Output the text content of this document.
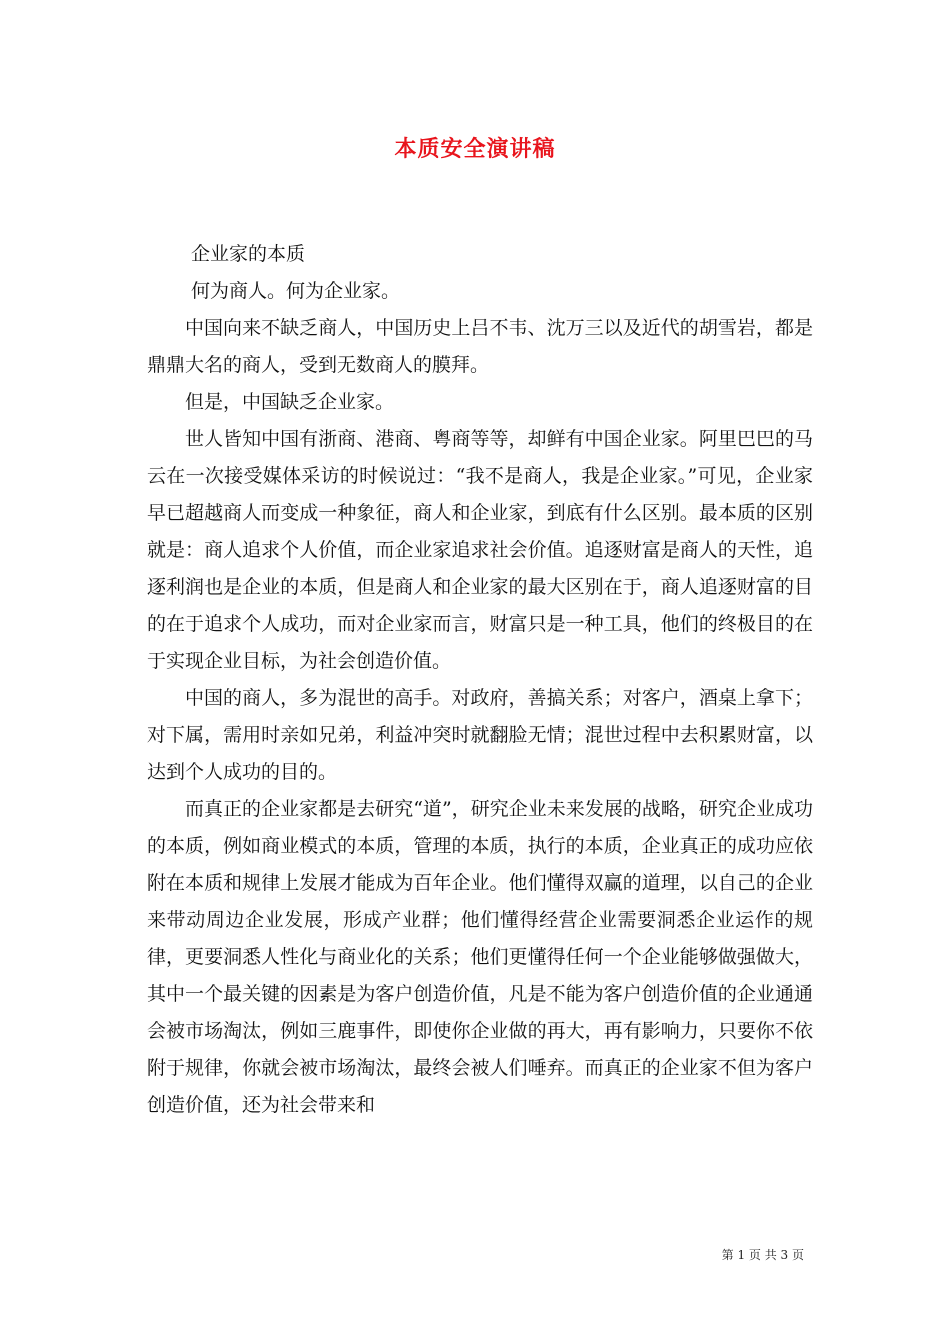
本质安全演讲稿

企业家的本质

何为商人。何为企业家。

中国向来不缺乏商人，中国历史上吕不韦、沈万三以及近代的胡雪岩，都是鼎鼎大名的商人，受到无数商人的膜拜。

但是，中国缺乏企业家。

世人皆知中国有浙商、港商、粤商等等，却鲜有中国企业家。阿里巴巴的马云在一次接受媒体采访的时候说过：“我不是商人，我是企业家。”可见，企业家早已超越商人而变成一种象征，商人和企业家，到底有什么区别。最本质的区别就是：商人追求个人价值，而企业家追求社会价值。追逐财富是商人的天性，追逐利润也是企业的本质，但是商人和企业家的最大区别在于，商人追逐财富的目的在于追求个人成功，而对企业家而言，财富只是一种工具，他们的终极目的在于实现企业目标，为社会创造价值。

中国的商人，多为混世的高手。对政府，善搞关系；对客户，酒桌上拿下；对下属，需用时亲如兄弟，利益冲突时就翻脸无情；混世过程中去积累财富，以达到个人成功的目的。

而真正的企业家都是去研究“道”，研究企业未来发展的战略，研究企业成功的本质，例如商业模式的本质，管理的本质，执行的本质，企业真正的成功应依附在本质和规律上发展才能成为百年企业。他们懂得双赢的道理，以自己的企业来带动周边企业发展，形成产业群；他们懂得经营企业需要洞悉企业运作的规律，更要洞悉人性化与商业化的关系；他们更懂得任何一个企业能够做强做大，其中一个最关键的因素是为客户创造价值，凡是不能为客户创造价值的企业通通会被市场淘汰，例如三鹿事件，即使你企业做的再大，再有影响力，只要你不依附于规律，你就会被市场淘汰，最终会被人们唾弃。而真正的企业家不但为客户创造价值，还为社会带来和

第 1 页 共 3 页
